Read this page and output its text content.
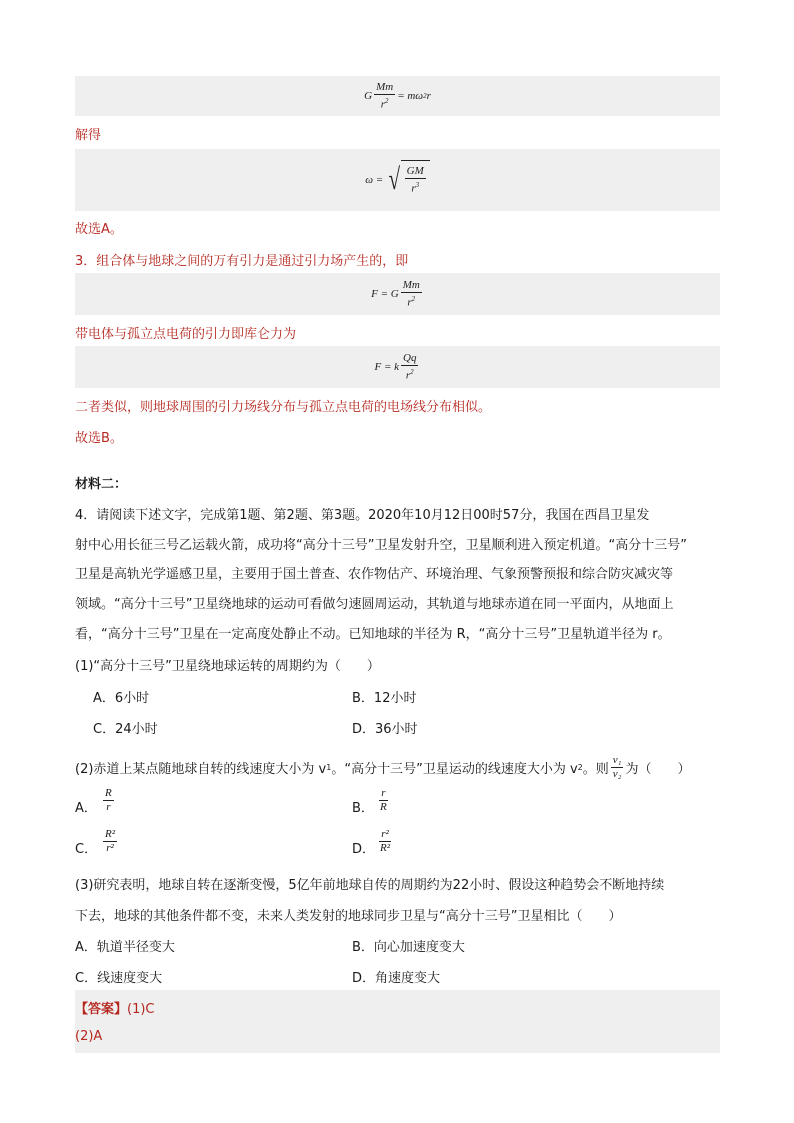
G $\frac{Mm}{r^2} = m\omega$ 2 r
解得
ω = √ $\frac{GM}{r^3}$
故选A。
3．组合体与地球之间的万有引力是通过引力场产生的，即
F = G $\frac{Mm}{r^2}$
带电体与孤立点电荷的引力即库仑力为
F = k $\frac{Qq}{r^2}$
二者类似，则地球周围的引力场线分布与孤立点电荷的电场线分布相似。
故选B。
材料二：
4．请阅读下述文字，完成第1题、第2题、第3题。2020年10月12日00时57分，我国在西昌卫星发
射中心用长征三号乙运载火箭，成功将“高分十三号”卫星发射升空，卫星顺利进入预定机道。“高分十三号”
卫星是高轨光学遥感卫星，主要用于国土普查、农作物估产、环境治理、气象预警预报和综合防灾减灾等
领域。“高分十三号”卫星绕地球的运动可看做匀速圆周运动，其轨道与地球赤道在同一平面内，从地面上
看，“高分十三号”卫星在一定高度处静止不动。已知地球的半径为 R，“高分十三号”卫星轨道半径为 r。
(1)“高分十三号”卫星绕地球运转的周期约为（　　）
A．6小时	B．12小时
C．24小时	D．36小时
(2)赤道上某点随地球自转的线速度大小为 v 1 。“高分十三号”卫星运动的线速度大小为 v 2 。则 $\frac{\text{v₁}}{\text{v₂}}$ 为（　　）
A． $\frac{R}{r}$	B． $\frac{r}{R}$
C． $\frac{\text{R²}}{\text{r²}}$	D． $\frac{\text{r²}}{\text{R²}}$
(3)研究表明，地球自转在逐渐变慢，5亿年前地球自传的周期约为22小时、假设这种趋势会不断地持续
下去，地球的其他条件都不变，未来人类发射的地球同步卫星与“高分十三号”卫星相比（　　）
A．轨道半径变大	B．向心加速度变大
C．线速度变大	D．角速度变大
【答案】(1)C
(2)A
